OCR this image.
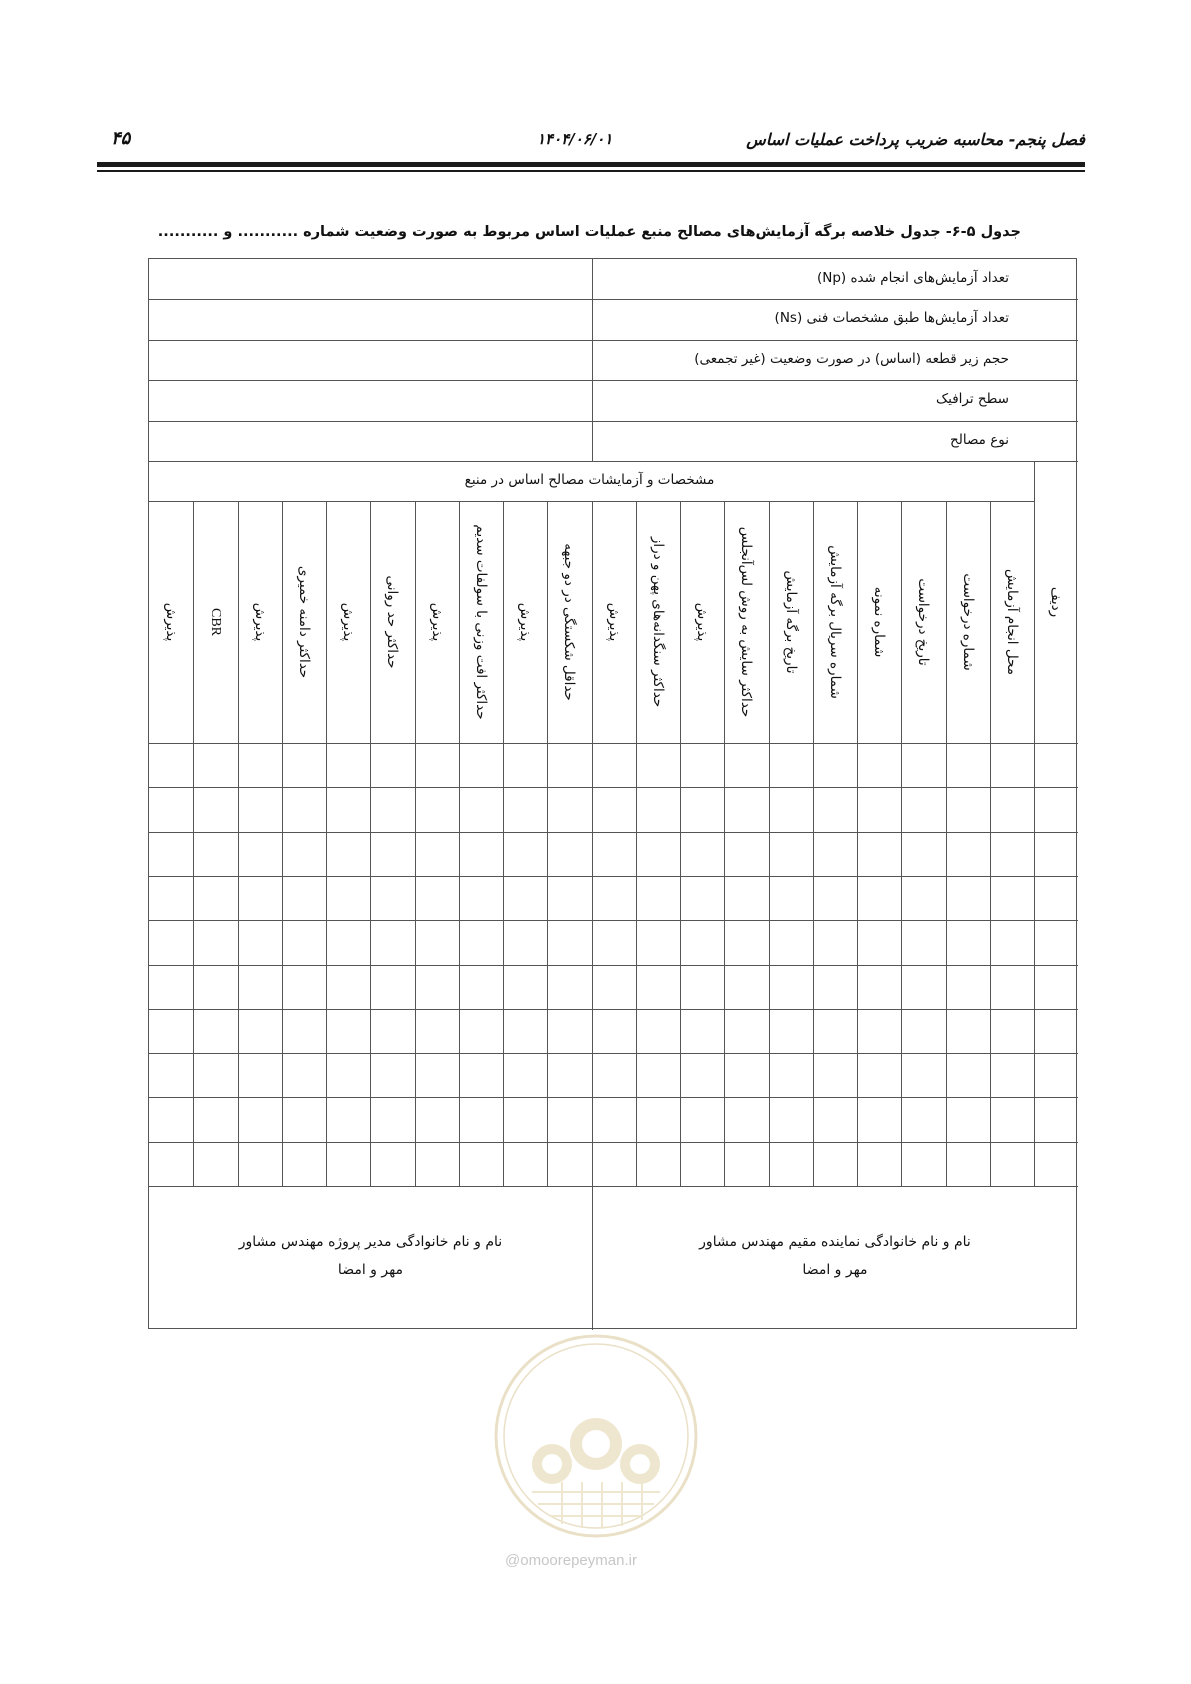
فصل پنجم- محاسبه ضریب پرداخت عملیات اساس
۱۴۰۴/۰۶/۰۱
۴۵
جدول ۵-۶- جدول خلاصه برگه آزمایش‌های مصالح منبع عملیات اساس مربوط به صورت وضعیت شماره ........... و ...........
تعداد آزمایش‌های انجام شده (Np)
تعداد آزمایش‌ها طبق مشخصات فنی (Ns)
حجم زیر قطعه (اساس) در صورت وضعیت (غیر تجمعی)
سطح ترافیک
نوع مصالح
مشخصات و آزمایشات مصالح اساس در منبع
ردیف
محل انجام آزمایش
شماره درخواست
تاریخ درخواست
شماره نمونه
شماره سریال برگه آزمایش
تاریخ برگه آزمایش
حداکثر سایش به روش لس‌آنجلس
پذیرش
حداکثر سنگدانه‌های پهن و دراز
پذیرش
حداقل شکستگی در دو جبهه
پذیرش
حداکثر افت وزنی با سولفات سدیم
پذیرش
حداکثر حد روانی
پذیرش
حداکثر دامنه خمیری
پذیرش
CBR
پذیرش
نام و نام خانوادگی نماینده مقیم مهندس مشاور
مهر و امضا
نام و نام خانوادگی مدیر پروژه مهندس مشاور
مهر و امضا
@omoorepeyman.ir
